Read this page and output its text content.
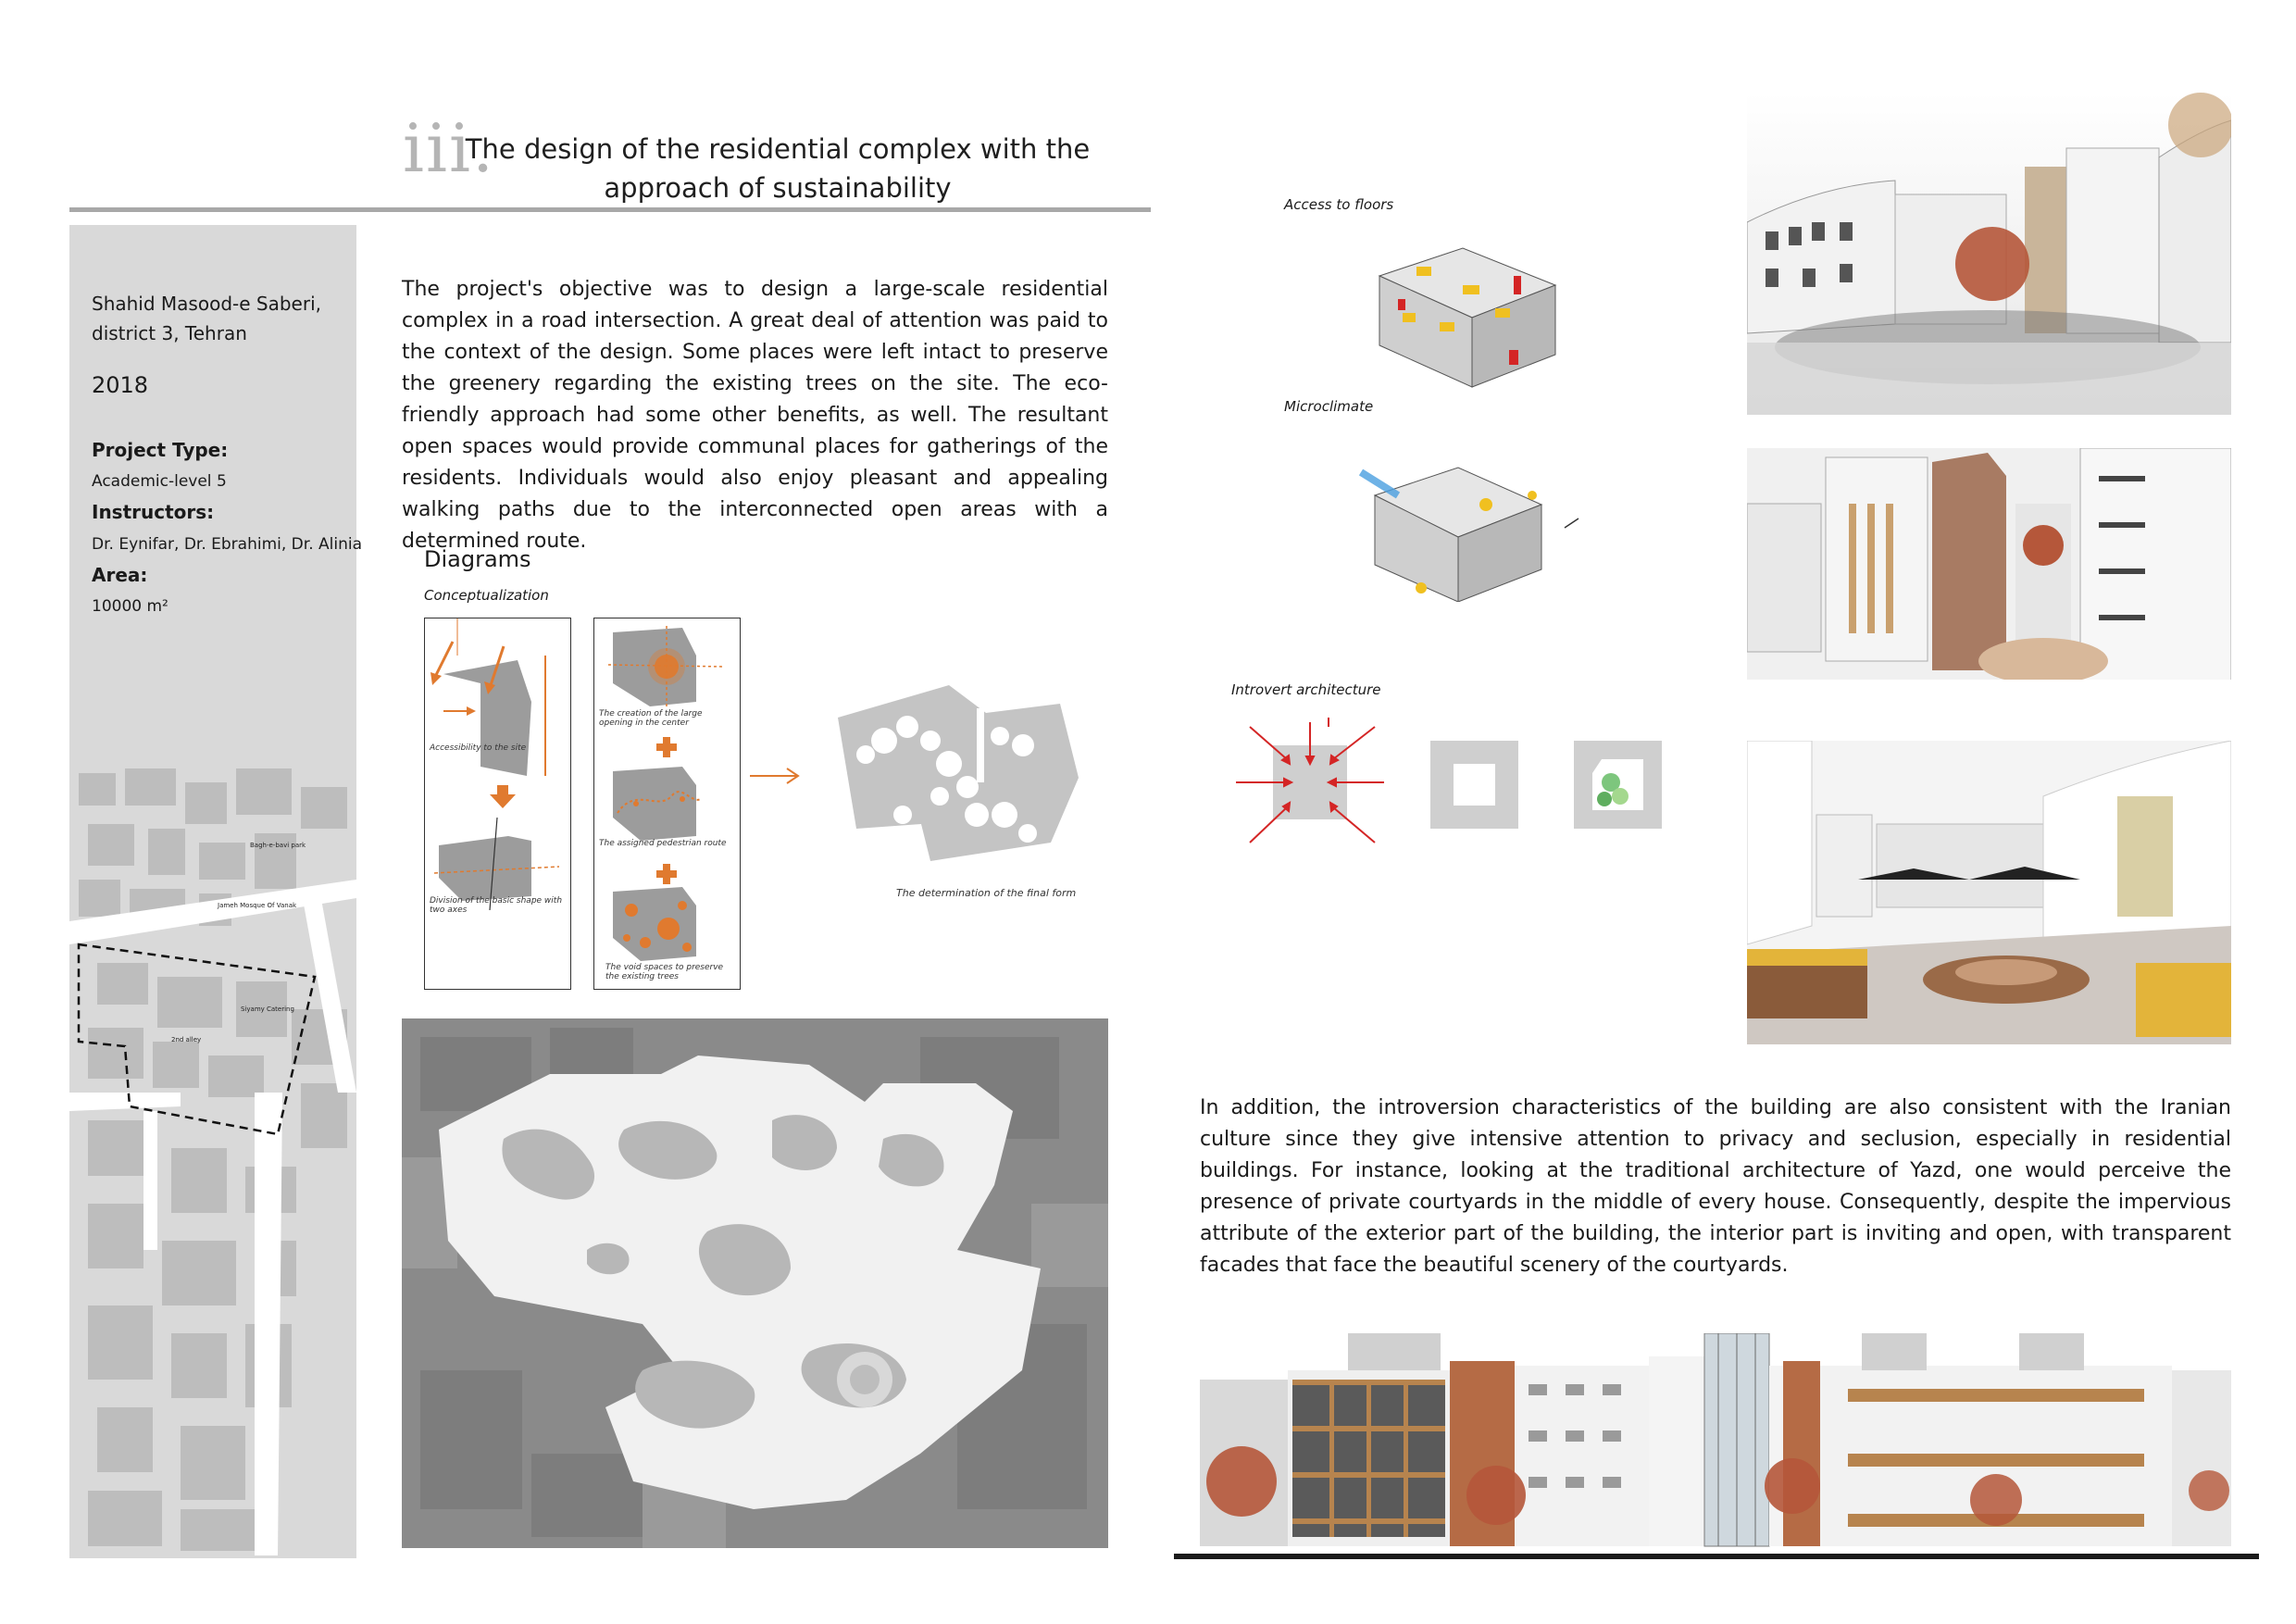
iii.
The design of the residential complex with the approach of sustainability
Shahid Masood-e Saberi, district 3, Tehran
2018
Project Type:
Academic-level 5
Instructors:
Dr. Eynifar, Dr. Ebrahimi, Dr. Alinia
Area:
10000 m²
Bagh-e-bavi park
Jameh Mosque Of Vanak
Siyamy Catering
2nd alley
The project's objective was to design a large-scale residential complex in a road intersection. A great deal of attention was paid to the context of the design. Some places were left intact to preserve the greenery regarding the existing trees on the site. The eco-friendly approach had some other benefits, as well. The resultant open spaces would provide communal places for gatherings of the residents. Individuals would also enjoy pleasant and appealing walking paths due to the interconnected open areas with a determined route.
Diagrams
Conceptualization
Accessibility to the site
Division of the basic shape with two axes
The creation of the large opening in the center
The assigned pedestrian route
The void spaces to preserve the existing trees
The determination of the final form
Access to floors
Microclimate
Introvert architecture
In addition, the introversion characteristics of the building are also consistent with the Iranian culture since they give intensive attention to privacy and seclusion, especially in residential buildings. For instance, looking at the traditional architecture of Yazd, one would perceive the presence of private courtyards in the middle of every house. Consequently, despite the impervious attribute of the exterior part of the building, the interior part is inviting and open, with transparent facades that face the beautiful scenery of the courtyards.
